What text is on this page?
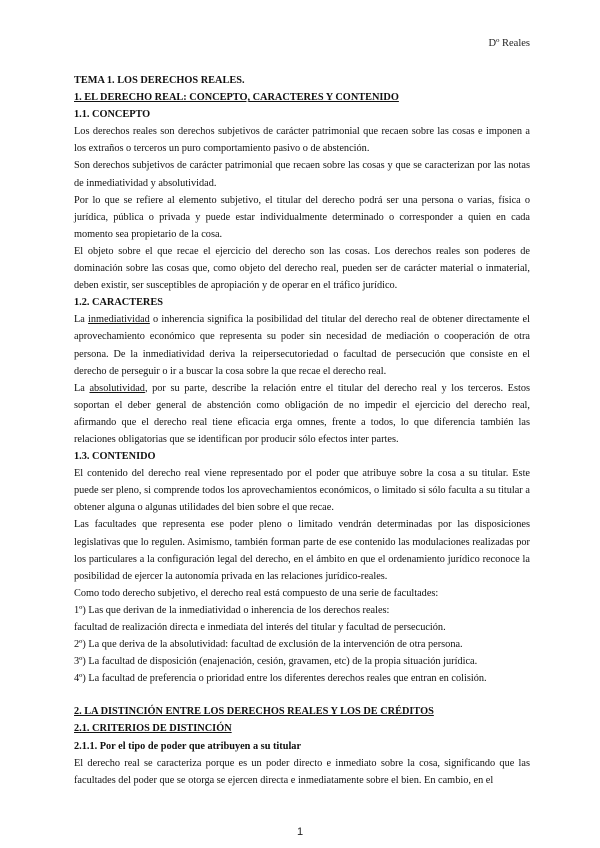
Dº Reales

TEMA 1. LOS DERECHOS REALES.

1. EL DERECHO REAL: CONCEPTO, CARACTERES Y CONTENIDO

1.1. CONCEPTO

Los derechos reales son derechos subjetivos de carácter patrimonial que recaen sobre las cosas e imponen a los extraños o terceros un puro comportamiento pasivo o de abstención.

Son derechos subjetivos de carácter patrimonial que recaen sobre las cosas y que se caracterizan por las notas de inmediatividad y absolutividad.

Por lo que se refiere al elemento subjetivo, el titular del derecho podrá ser una persona o varias, física o jurídica, pública o privada y puede estar individualmente determinado o corresponder a quien en cada momento sea propietario de la cosa.

El objeto sobre el que recae el ejercicio del derecho son las cosas. Los derechos reales son poderes de dominación sobre las cosas que, como objeto del derecho real, pueden ser de carácter material o inmaterial, deben existir, ser susceptibles de apropiación y de operar en el tráfico jurídico.

1.2. CARACTERES

La inmediatividad o inherencia significa la posibilidad del titular del derecho real de obtener directamente el aprovechamiento económico que representa su poder sin necesidad de mediación o cooperación de otra persona. De la inmediatividad deriva la reipersecutoriedad o facultad de persecución que consiste en el derecho de perseguir o ir a buscar la cosa sobre la que recae el derecho real.

La absolutividad, por su parte, describe la relación entre el titular del derecho real y los terceros. Estos soportan el deber general de abstención como obligación de no impedir el ejercicio del derecho real, afirmando que el derecho real tiene eficacia erga omnes, frente a todos, lo que diferencia también las relaciones obligatorias que se identifican por producir sólo efectos inter partes.

1.3. CONTENIDO

El contenido del derecho real viene representado por el poder que atribuye sobre la cosa a su titular. Este puede ser pleno, si comprende todos los aprovechamientos económicos, o limitado si sólo faculta a su titular a obtener alguna o algunas utilidades del bien sobre el que recae.

Las facultades que representa ese poder pleno o limitado vendrán determinadas por las disposiciones legislativas que lo regulen. Asimismo, también forman parte de ese contenido las modulaciones realizadas por los particulares a la configuración legal del derecho, en el ámbito en que el ordenamiento jurídico reconoce la posibilidad de ejercer la autonomía privada en las relaciones jurídico-reales.

Como todo derecho subjetivo, el derecho real está compuesto de una serie de facultades:

1º) Las que derivan de la inmediatividad o inherencia de los derechos reales:

facultad de realización directa e inmediata del interés del titular y facultad de persecución.

2º) La que deriva de la absolutividad: facultad de exclusión de la intervención de otra persona.

3º) La facultad de disposición (enajenación, cesión, gravamen, etc) de la propia situación jurídica.

4º) La facultad de preferencia o prioridad entre los diferentes derechos reales que entran en colisión.

2. LA DISTINCIÓN ENTRE LOS DERECHOS REALES Y LOS DE CRÉDITOS

2.1. CRITERIOS DE DISTINCIÓN

2.1.1. Por el tipo de poder que atribuyen a su titular

El derecho real se caracteriza porque es un poder directo e inmediato sobre la cosa, significando que las facultades del poder que se otorga se ejercen directa e inmediatamente sobre el bien. En cambio, en el

1
